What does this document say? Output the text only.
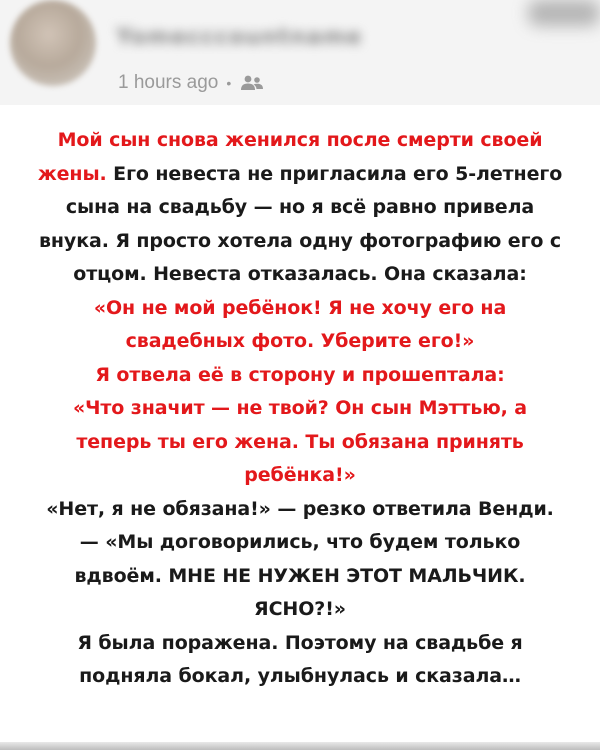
Yomecccountname
1 hours ago •
Мой сын снова женился после смерти своей
жены. Его невеста не пригласила его 5-летнего
сына на свадьбу — но я всё равно привела
внука. Я просто хотела одну фотографию его с
отцом. Невеста отказалась. Она сказала:
«Он не мой ребёнок! Я не хочу его на
свадебных фото. Уберите его!»
Я отвела её в сторону и прошептала:
«Что значит — не твой? Он сын Мэттью, а
теперь ты его жена. Ты обязана принять
ребёнка!»
«Нет, я не обязана!» — резко ответила Венди.
— «Мы договорились, что будем только
вдвоём. МНЕ НЕ НУЖЕН ЭТОТ МАЛЬЧИК.
ЯСНО?!»
Я была поражена. Поэтому на свадьбе я
подняла бокал, улыбнулась и сказала…
